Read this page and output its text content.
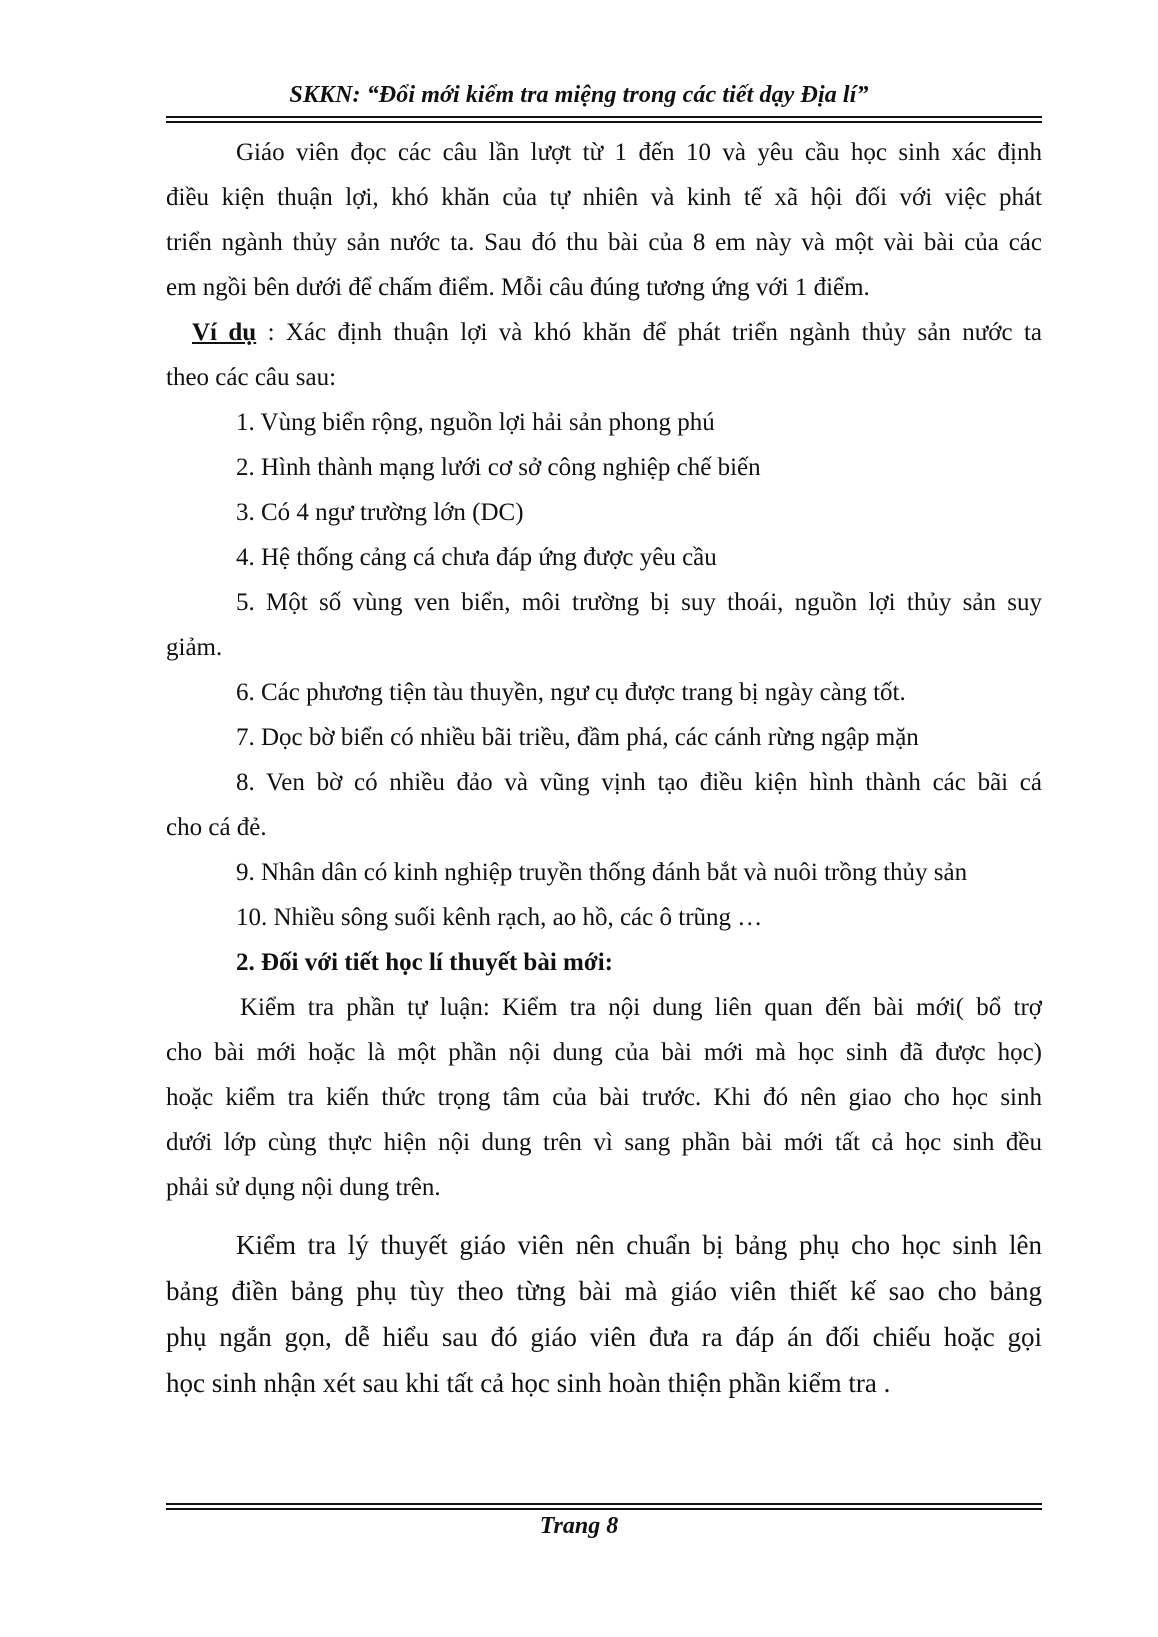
SKKN: “Đổi mới kiểm tra miệng trong các tiết dạy Địa lí”
Giáo viên đọc các câu lần lượt từ 1 đến 10 và yêu cầu học sinh xác định
điều kiện thuận lợi, khó khăn của tự nhiên và kinh tế xã hội đối với việc phát
triển ngành thủy sản nước ta. Sau đó thu bài của 8 em này và một vài bài của các
em ngồi bên dưới để chấm điểm. Mỗi câu đúng tương ứng với 1 điểm.
Ví dụ : Xác định thuận lợi và khó khăn để phát triển ngành thủy sản nước ta
theo các câu sau:
1. Vùng biển rộng, nguồn lợi hải sản phong phú
2. Hình thành mạng lưới cơ sở công nghiệp chế biến
3. Có 4 ngư trường lớn (DC)
4. Hệ thống cảng cá chưa đáp ứng được yêu cầu
5. Một số vùng ven biển, môi trường bị suy thoái, nguồn lợi thủy sản suy
giảm.
6. Các phương tiện tàu thuyền, ngư cụ được trang bị ngày càng tốt.
7. Dọc bờ biển có nhiều bãi triều, đầm phá, các cánh rừng ngập mặn
8. Ven bờ có nhiều đảo và vũng vịnh tạo điều kiện hình thành các bãi cá
cho cá đẻ.
9. Nhân dân có kinh nghiệp truyền thống đánh bắt và nuôi trồng thủy sản
10. Nhiều sông suối kênh rạch, ao hồ, các ô trũng …
2. Đối với tiết học lí thuyết bài mới:
Kiểm tra phần tự luận: Kiểm tra nội dung liên quan đến bài mới( bổ trợ
cho bài mới hoặc là một phần nội dung của bài mới mà học sinh đã được học)
hoặc kiểm tra kiến thức trọng tâm của bài trước. Khi đó nên giao cho học sinh
dưới lớp cùng thực hiện nội dung trên vì sang phần bài mới tất cả học sinh đều
phải sử dụng nội dung trên.
Kiểm tra lý thuyết giáo viên nên chuẩn bị bảng phụ cho học sinh lên
bảng điền bảng phụ tùy theo từng bài mà giáo viên thiết kế sao cho bảng
phụ ngắn gọn, dễ hiểu sau đó giáo viên đưa ra đáp án đối chiếu hoặc gọi
học sinh nhận xét sau khi tất cả học sinh hoàn thiện phần kiểm tra .
Trang 8
